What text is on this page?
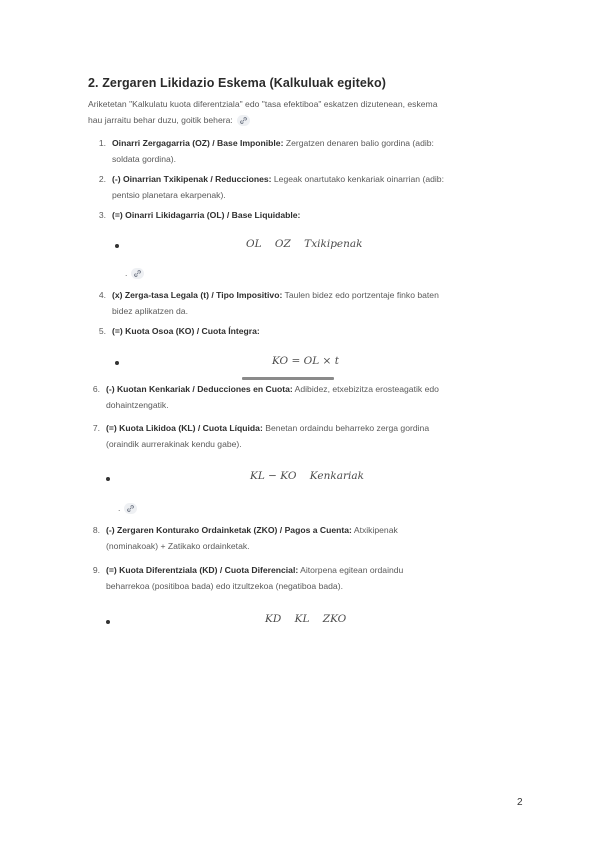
2. Zergaren Likidazio Eskema (Kalkuluak egiteko)
Ariketetan "Kalkulatu kuota diferentziala" edo "tasa efektiboa" eskatzen dizutenean, eskema
hau jarraitu behar duzu, goitik behera:
1. Oinarri Zergagarria (OZ) / Base Imponible: Zergatzen denaren balio gordina (adib:
soldata gordina).
2. (-) Oinarrian Txikipenak / Reducciones: Legeak onartutako kenkariak oinarrian (adib:
pentsio planetara ekarpenak).
3. (=) Oinarri Likidagarria (OL) / Base Liquidable:
OL    OZ    Txikipenak
.
4. (x) Zerga-tasa Legala (t) / Tipo Impositivo: Taulen bidez edo portzentaje finko baten
bidez aplikatzen da.
5. (=) Kuota Osoa (KO) / Cuota Íntegra:
KO = OL × t
6. (-) Kuotan Kenkariak / Deducciones en Cuota: Adibidez, etxebizitza erosteagatik edo
dohaintzengatik.
7. (=) Kuota Likidoa (KL) / Cuota Líquida: Benetan ordaindu beharreko zerga gordina
(oraindik aurrerakinak kendu gabe).
KL − KO    Kenkariak
.
8. (-) Zergaren Konturako Ordainketak (ZKO) / Pagos a Cuenta: Atxikipenak
(nominakoak) + Zatikako ordainketak.
9. (=) Kuota Diferentziala (KD) / Cuota Diferencial: Aitorpena egitean ordaindu
beharrekoa (positiboa bada) edo itzultzekoa (negatiboa bada).
KD    KL    ZKO
2
